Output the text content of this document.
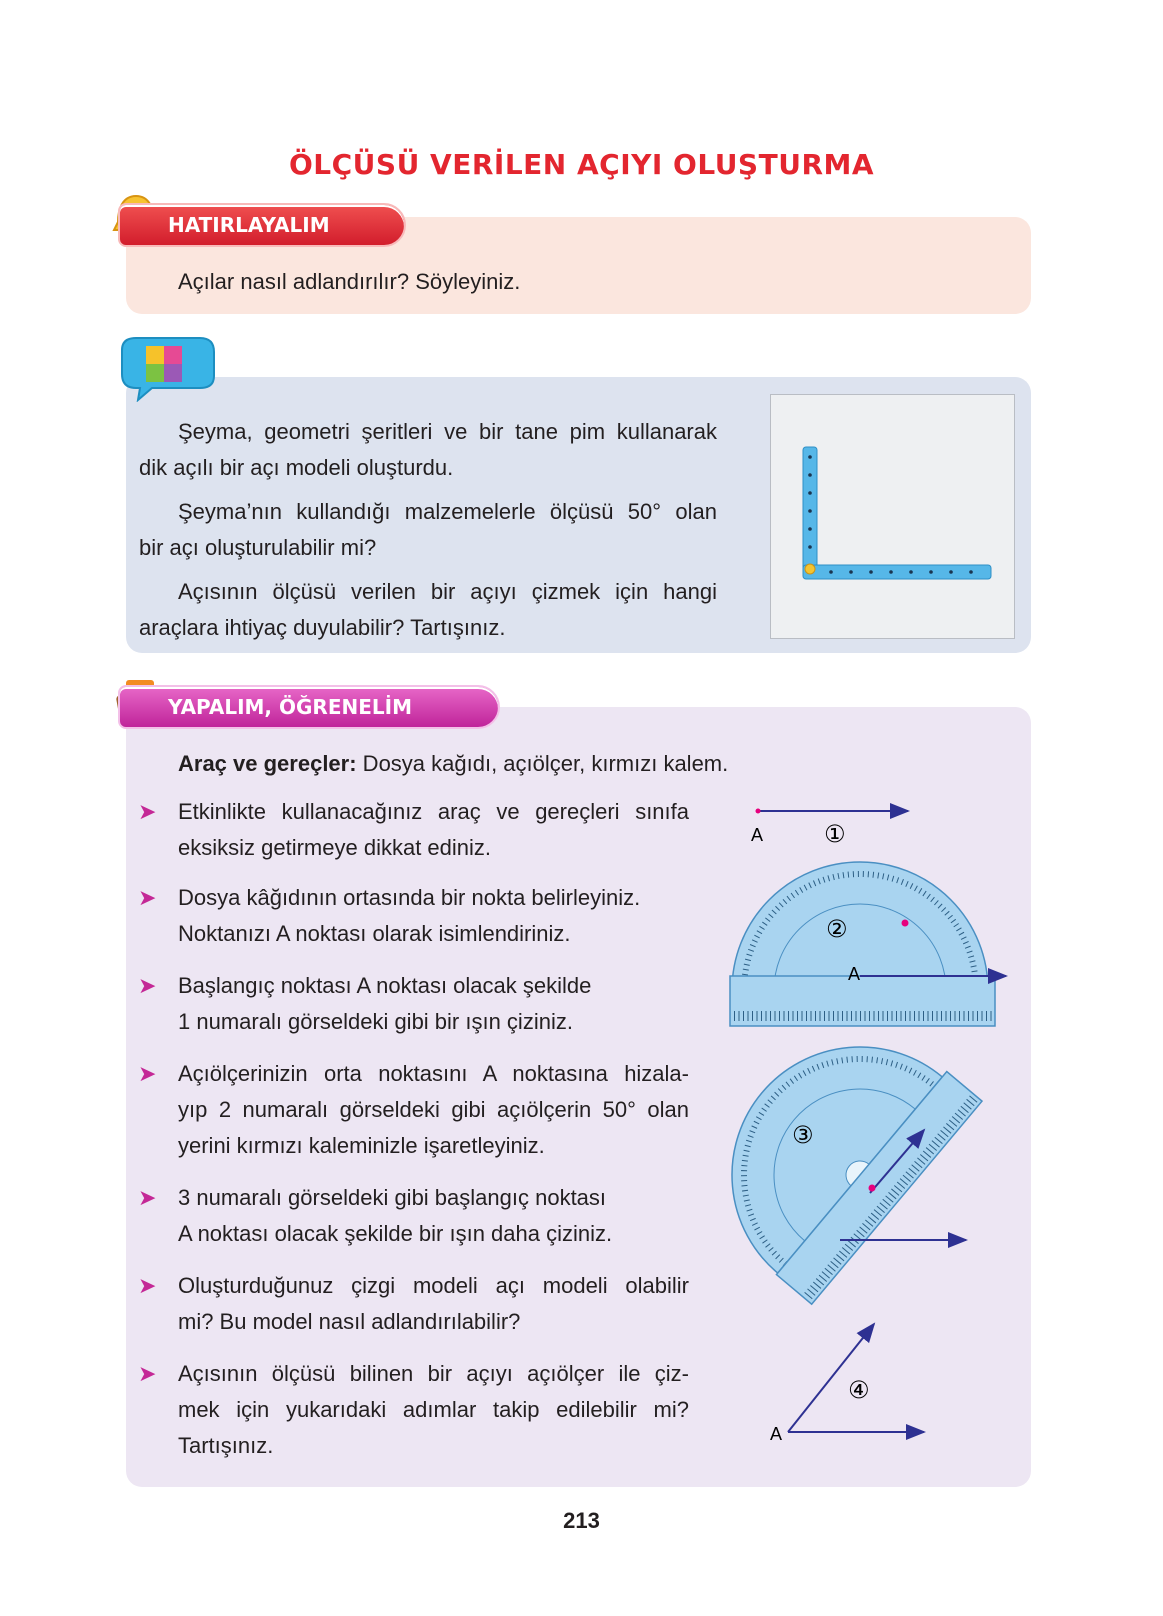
ÖLÇÜSÜ VERİLEN AÇIYI OLUŞTURMA
HATIRLAYALIM
Açılar nasıl adlandırılır? Söyleyiniz.
Şeyma, geometri şeritleri ve bir tane pim kullanarak
dik açılı bir açı modeli oluşturdu.
Şeyma’nın kullandığı malzemelerle ölçüsü 50° olan
bir açı oluşturulabilir mi?
Açısının ölçüsü verilen bir açıyı çizmek için hangi
araçlara ihtiyaç duyulabilir? Tartışınız.
YAPALIM, ÖĞRENELİM
Araç ve gereçler: Dosya kağıdı, açıölçer, kırmızı kalem.
➤ Etkinlikte kullanacağınız araç ve gereçleri sınıfa
eksiksiz getirmeye dikkat ediniz.
➤ Dosya kâğıdının ortasında bir nokta belirleyiniz.
Noktanızı A noktası olarak isimlendiriniz.
➤ Başlangıç noktası A noktası olacak şekilde
1 numaralı görseldeki gibi bir ışın çiziniz.
➤ Açıölçerinizin orta noktasını A noktasına hizala-
yıp 2 numaralı görseldeki gibi açıölçerin 50° olan
yerini kırmızı kaleminizle işaretleyiniz.
➤ 3 numaralı görseldeki gibi başlangıç noktası
A noktası olacak şekilde bir ışın daha çiziniz.
➤ Oluşturduğunuz çizgi modeli açı modeli olabilir
mi? Bu model nasıl adlandırılabilir?
➤ Açısının ölçüsü bilinen bir açıyı açıölçer ile çiz-
mek için yukarıdaki adımlar takip edilebilir mi?
Tartışınız.
A	①
A
②
③
A
④
213
